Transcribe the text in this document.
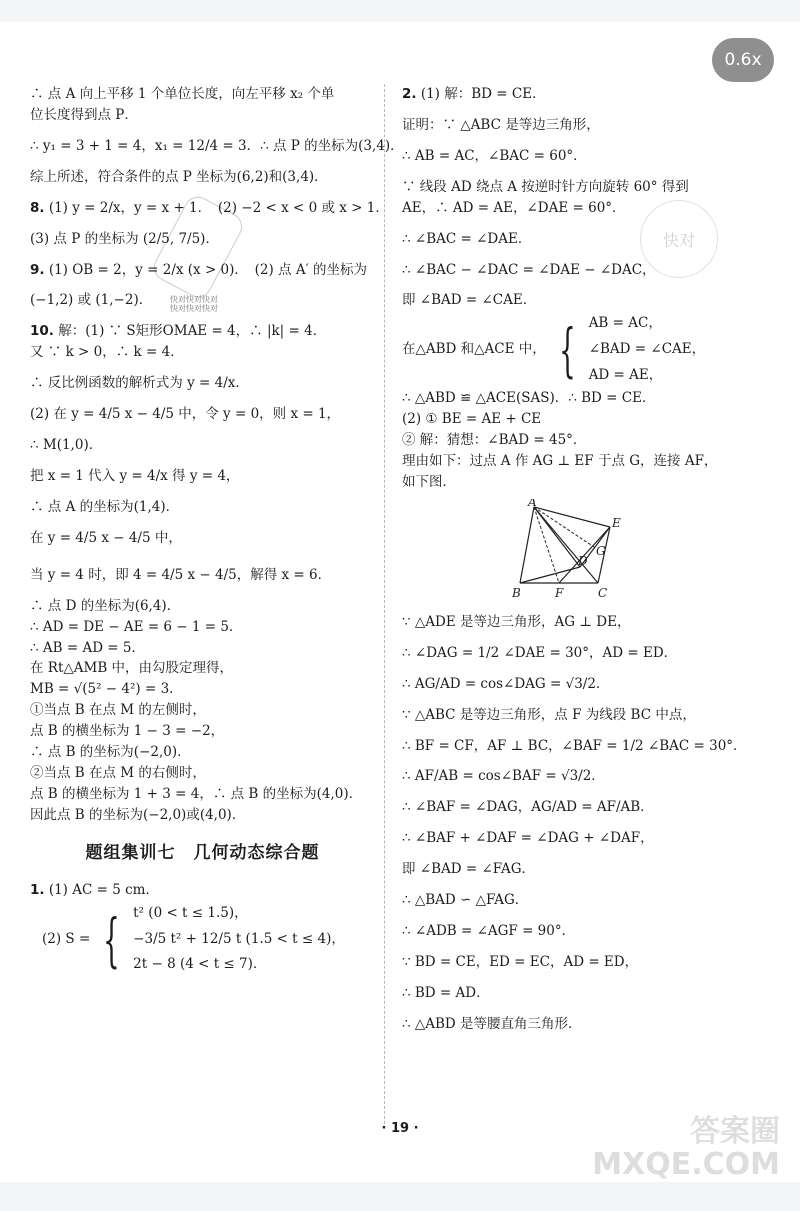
0.6x
快对快对快对
快对快对快对
快对

∴ 点 A 向上平移 1 个单位长度，向左平移 x₂ 个单

位长度得到点 P．

∴ y₁ = 3 + 1 = 4，x₁ = 12/4 = 3．∴ 点 P 的坐标为(3,4)．

综上所述，符合条件的点 P 坐标为(6,2)和(3,4)．

8. (1) y = 2/x，y = x + 1．　(2) −2 < x < 0 或 x > 1．

(3) 点 P 的坐标为 (2/5, 7/5)．

9. (1) OB = 2，y = 2/x (x > 0)．　(2) 点 A′ 的坐标为

(−1,2) 或 (1,−2)．

10. 解：(1) ∵ S矩形OMAE = 4，∴ |k| = 4．

又 ∵ k > 0，∴ k = 4．

∴ 反比例函数的解析式为 y = 4/x．

(2) 在 y = 4/5 x − 4/5 中，令 y = 0，则 x = 1，

∴ M(1,0)．

把 x = 1 代入 y = 4/x 得 y = 4，

∴ 点 A 的坐标为(1,4)．

在 y = 4/5 x − 4/5 中，

当 y = 4 时，即 4 = 4/5 x − 4/5，解得 x = 6．

∴ 点 D 的坐标为(6,4)．

∴ AD = DE − AE = 6 − 1 = 5．

∴ AB = AD = 5．

在 Rt△AMB 中，由勾股定理得，

MB = √(5² − 4²) = 3．

①当点 B 在点 M 的左侧时，

点 B 的横坐标为 1 − 3 = −2，

∴ 点 B 的坐标为(−2,0)．

②当点 B 在点 M 的右侧时，

点 B 的横坐标为 1 + 3 = 4，∴ 点 B 的坐标为(4,0)．

因此点 B 的坐标为(−2,0)或(4,0)．

题组集训七　几何动态综合题

1. (1) AC = 5 cm．

(2) S = { t² (0 < t ≤ 1.5)，

−3/5 t² + 12/5 t (1.5 < t ≤ 4)，

2t − 8 (4 < t ≤ 7)．

2. (1) 解：BD = CE．

证明：∵ △ABC 是等边三角形，

∴ AB = AC，∠BAC = 60°．

∵ 线段 AD 绕点 A 按逆时针方向旋转 60° 得到

AE，∴ AD = AE，∠DAE = 60°．

∴ ∠BAC = ∠DAE．

∴ ∠BAC − ∠DAC = ∠DAE − ∠DAC，

即 ∠BAD = ∠CAE．

在△ABD 和△ACE 中， { AB = AC，

∠BAD = ∠CAE，

AD = AE，

∴ △ABD ≌ △ACE(SAS)．∴ BD = CE．

(2) ① BE = AE + CE

② 解：猜想：∠BAD = 45°．

理由如下：过点 A 作 AG ⊥ EF 于点 G，连接 AF，

如下图．

A
B	C
D
E
F
G

∵ △ADE 是等边三角形，AG ⊥ DE，

∴ ∠DAG = 1/2 ∠DAE = 30°，AD = ED．

∴ AG/AD = cos∠DAG = √3/2．

∵ △ABC 是等边三角形，点 F 为线段 BC 中点，

∴ BF = CF，AF ⊥ BC，∠BAF = 1/2 ∠BAC = 30°．

∴ AF/AB = cos∠BAF = √3/2．

∴ ∠BAF = ∠DAG，AG/AD = AF/AB．

∴ ∠BAF + ∠DAF = ∠DAG + ∠DAF，

即 ∠BAD = ∠FAG．

∴ △BAD ∽ △FAG．

∴ ∠ADB = ∠AGF = 90°．

∵ BD = CE，ED = EC，AD = ED，

∴ BD = AD．

∴ △ABD 是等腰直角三角形．

· 19 ·	答案圈
MXQE.COM
